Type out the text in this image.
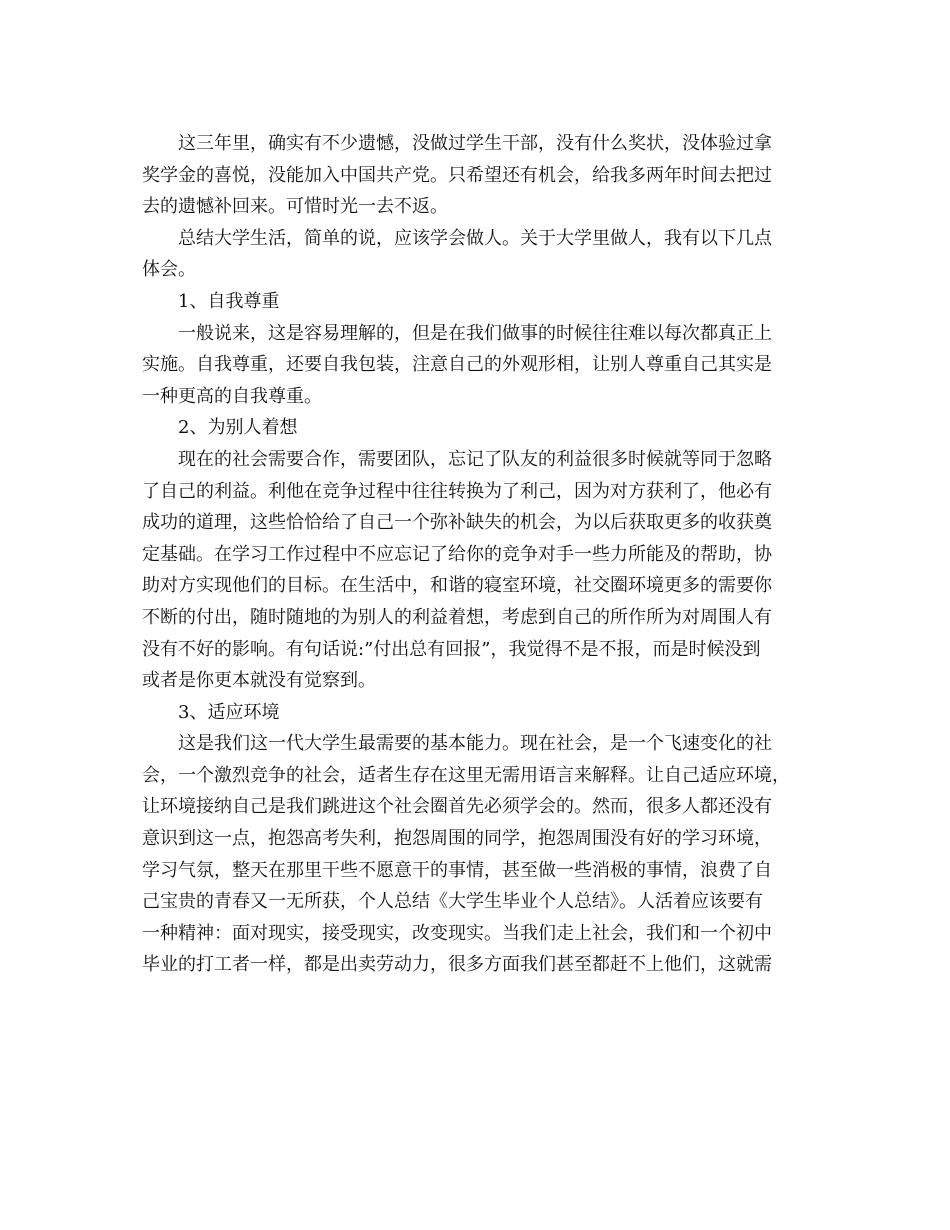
这三年里，确实有不少遗憾，没做过学生干部，没有什么奖状，没体验过拿
奖学金的喜悦，没能加入中国共产党。只希望还有机会，给我多两年时间去把过
去的遗憾补回来。可惜时光一去不返。

总结大学生活，简单的说，应该学会做人。关于大学里做人，我有以下几点
体会。

1、自我尊重

一般说来，这是容易理解的，但是在我们做事的时候往往难以每次都真正上
实施。自我尊重，还要自我包装，注意自己的外观形相，让别人尊重自己其实是
一种更高的自我尊重。

2、为别人着想

现在的社会需要合作，需要团队，忘记了队友的利益很多时候就等同于忽略
了自己的利益。利他在竞争过程中往往转换为了利己，因为对方获利了，他必有
成功的道理，这些恰恰给了自己一个弥补缺失的机会，为以后获取更多的收获奠
定基础。在学习工作过程中不应忘记了给你的竞争对手一些力所能及的帮助，协
助对方实现他们的目标。在生活中，和谐的寝室环境，社交圈环境更多的需要你
不断的付出，随时随地的为别人的利益着想，考虑到自己的所作所为对周围人有
没有不好的影响。有句话说:”付出总有回报”，我觉得不是不报，而是时候没到
或者是你更本就没有觉察到。

3、适应环境

这是我们这一代大学生最需要的基本能力。现在社会，是一个飞速变化的社
会，一个激烈竞争的社会，适者生存在这里无需用语言来解释。让自己适应环境，
让环境接纳自己是我们跳进这个社会圈首先必须学会的。然而，很多人都还没有
意识到这一点，抱怨高考失利，抱怨周围的同学，抱怨周围没有好的学习环境，
学习气氛，整天在那里干些不愿意干的事情，甚至做一些消极的事情，浪费了自
己宝贵的青春又一无所获，个人总结《大学生毕业个人总结》。人活着应该要有
一种精神：面对现实，接受现实，改变现实。当我们走上社会，我们和一个初中
毕业的打工者一样，都是出卖劳动力，很多方面我们甚至都赶不上他们，这就需
